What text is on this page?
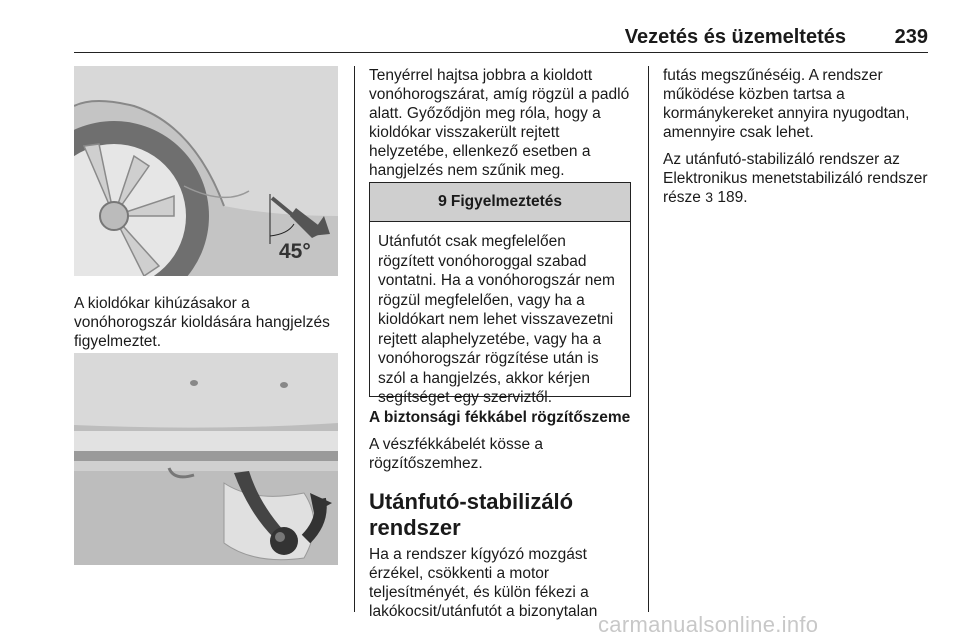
Vezetés és üzemeltetés 239
45°

A kioldókar kihúzásakor a vonóhorogszár kioldására hangjelzés figyelmeztet.

Tenyérrel hajtsa jobbra a kioldott vonóhorogszárat, amíg rögzül a padló alatt. Győződjön meg róla, hogy a kioldókar visszakerült rejtett helyzetébe, ellenkező esetben a hangjelzés nem szűnik meg.

9 Figyelmeztetés
Utánfutót csak megfelelően rögzített vonóhoroggal szabad vontatni. Ha a vonóhorogszár nem rögzül megfelelően, vagy ha a kioldókart nem lehet visszavezetni rejtett alaphelyzetébe, vagy ha a vonóhorogszár rögzítése után is szól a hangjelzés, akkor kérjen segítséget egy szerviztől.

A biztonsági fékkábel rögzítőszeme

A vészfékkábelét kösse a rögzítőszemhez.

Utánfutó-stabilizáló rendszer

Ha a rendszer kígyózó mozgást érzékel, csökkenti a motor teljesítményét, és külön fékezi a lakókocsit/utánfutót a bizonytalan

futás megszűnéséig. A rendszer működése közben tartsa a kormánykereket annyira nyugodtan, amennyire csak lehet.

Az utánfutó-stabilizáló rendszer az Elektronikus menetstabilizáló rendszer része 3 189.

carmanualsonline.info
